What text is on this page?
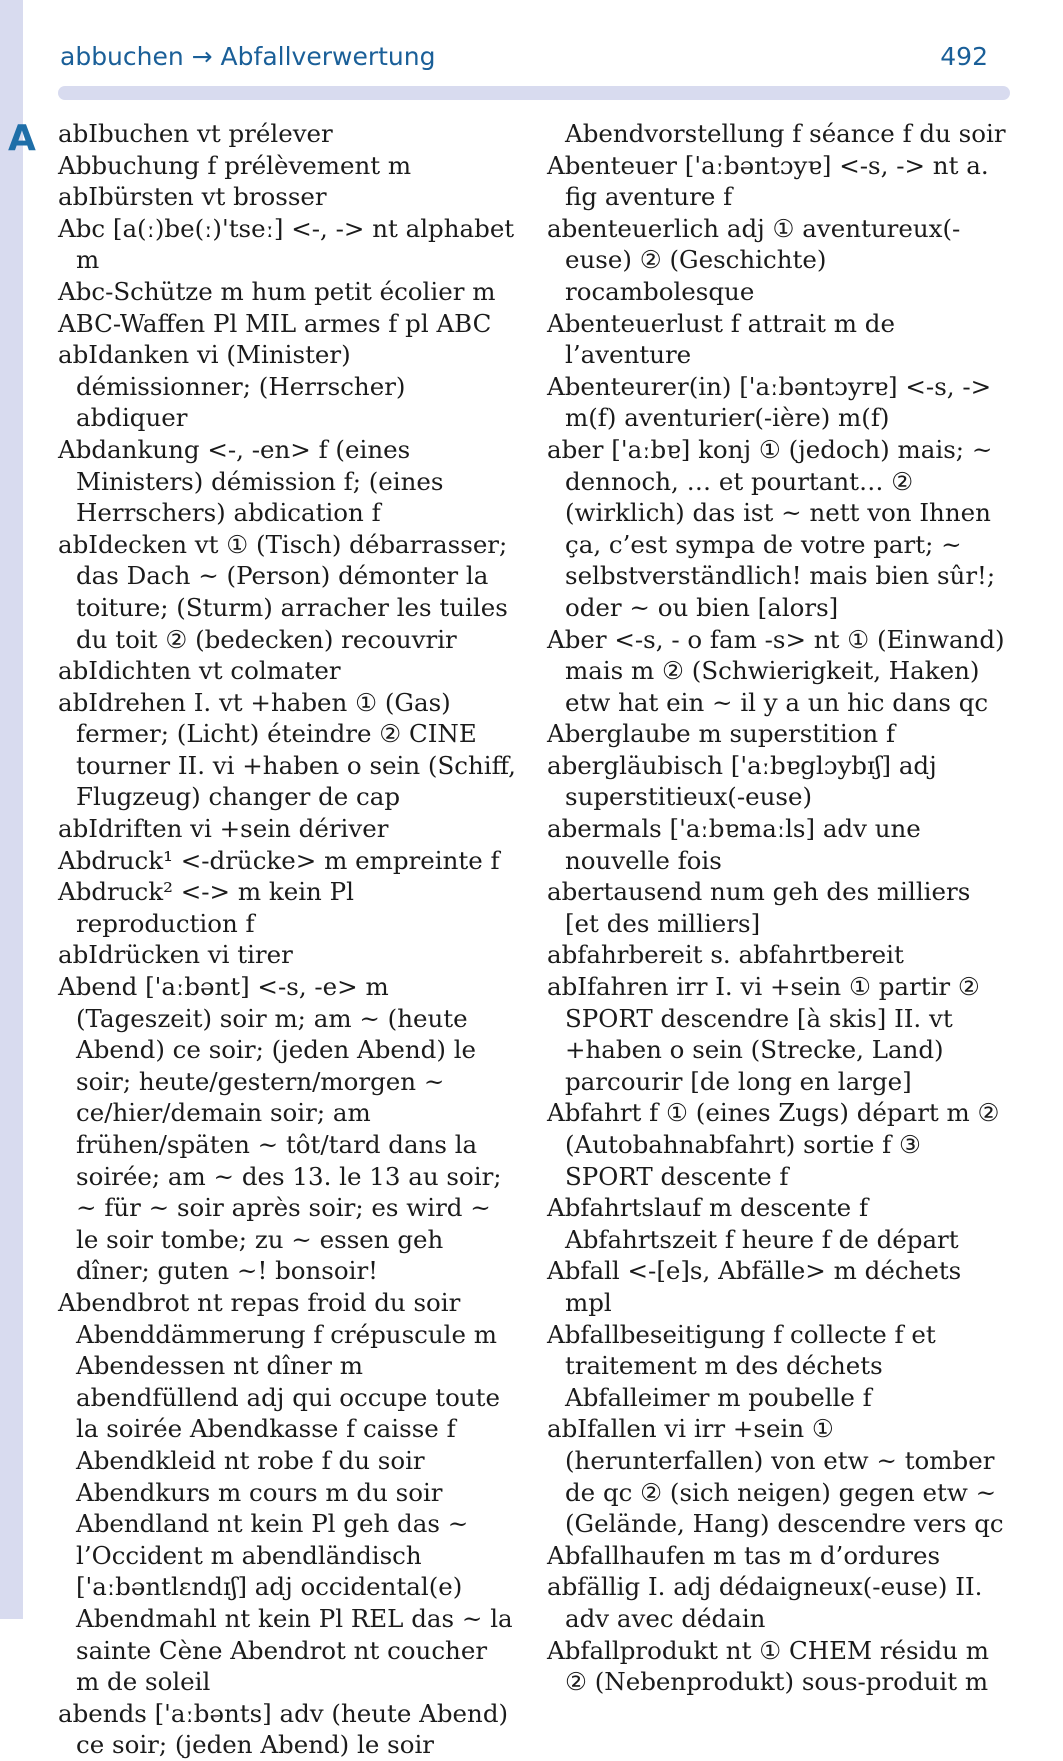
A
abbuchen → Abfallverwertung	492

abIbuchen vt prélever

Abbuchung f prélèvement m

abIbürsten vt brosser

Abc [a(ː)be(ː)'tseː] <-, -> nt alphabet m

Abc-Schütze m hum petit écolier m

ABC-Waffen Pl MIL armes f pl ABC

abIdanken vi (Minister) démissionner; (Herrscher) abdiquer

Abdankung <-, -en> f (eines Ministers) démission f; (eines Herrschers) abdication f

abIdecken vt ① (Tisch) débarrasser; das Dach ~ (Person) démonter la toiture; (Sturm) arracher les tuiles du toit ② (bedecken) recouvrir

abIdichten vt colmater

abIdrehen I. vt +haben ① (Gas) fermer; (Licht) éteindre ② CINE tourner II. vi +haben o sein (Schiff, Flugzeug) changer de cap

abIdriften vi +sein dériver

Abdruck¹ <-drücke> m empreinte f

Abdruck² <-> m kein Pl reproduction f

abIdrücken vi tirer

Abend ['aːbənt] <-s, -e> m (Tageszeit) soir m; am ~ (heute Abend) ce soir; (jeden Abend) le soir; heute/gestern/morgen ~ ce/hier/demain soir; am frühen/späten ~ tôt/tard dans la soirée; am ~ des 13. le 13 au soir; ~ für ~ soir après soir; es wird ~ le soir tombe; zu ~ essen geh dîner; guten ~! bonsoir!

Abendbrot nt repas froid du soir

Abenddämmerung f crépuscule m Abendessen nt dîner m abendfüllend adj qui occupe toute la soirée Abendkasse f caisse f Abendkleid nt robe f du soir Abendkurs m cours m du soir Abendland nt kein Pl geh das ~ l’Occident m abendländisch ['aːbəntlɛndɪʃ] adj occidental(e) Abendmahl nt kein Pl REL das ~ la sainte Cène Abendrot nt coucher m de soleil

abends ['aːbənts] adv (heute Abend) ce soir; (jeden Abend) le soir

Abendvorstellung f séance f du soir

Abenteuer ['aːbəntɔyɐ] <-s, -> nt a. fig aventure f

abenteuerlich adj ① aventureux(-euse) ② (Geschichte) rocambolesque

Abenteuerlust f attrait m de l’aventure

Abenteurer(in) ['aːbəntɔyrɐ] <-s, -> m(f) aventurier(-ière) m(f)

aber ['aːbɐ] konj ① (jedoch) mais; ~ dennoch, … et pourtant… ② (wirklich) das ist ~ nett von Ihnen ça, c’est sympa de votre part; ~ selbstverständlich! mais bien sûr!; oder ~ ou bien [alors]

Aber <-s, - o fam -s> nt ① (Einwand) mais m ② (Schwierigkeit, Haken) etw hat ein ~ il y a un hic dans qc

Aberglaube m superstition f

abergläubisch ['aːbɐglɔybɪʃ] adj superstitieux(-euse)

abermals ['aːbɐmaːls] adv une nouvelle fois

abertausend num geh des milliers [et des milliers]

abfahrbereit s. abfahrtbereit

abIfahren irr I. vi +sein ① partir ② SPORT descendre [à skis] II. vt +haben o sein (Strecke, Land) parcourir [de long en large]

Abfahrt f ① (eines Zugs) départ m ② (Autobahnabfahrt) sortie f ③ SPORT descente f

Abfahrtslauf m descente f Abfahrtszeit f heure f de départ

Abfall <-[e]s, Abfälle> m déchets mpl

Abfallbeseitigung f collecte f et traitement m des déchets Abfalleimer m poubelle f

abIfallen vi irr +sein ① (herunterfallen) von etw ~ tomber de qc ② (sich neigen) gegen etw ~ (Gelände, Hang) descendre vers qc

Abfallhaufen m tas m d’ordures

abfällig I. adj dédaigneux(-euse) II. adv avec dédain

Abfallprodukt nt ① CHEM résidu m ② (Nebenprodukt) sous-produit m
